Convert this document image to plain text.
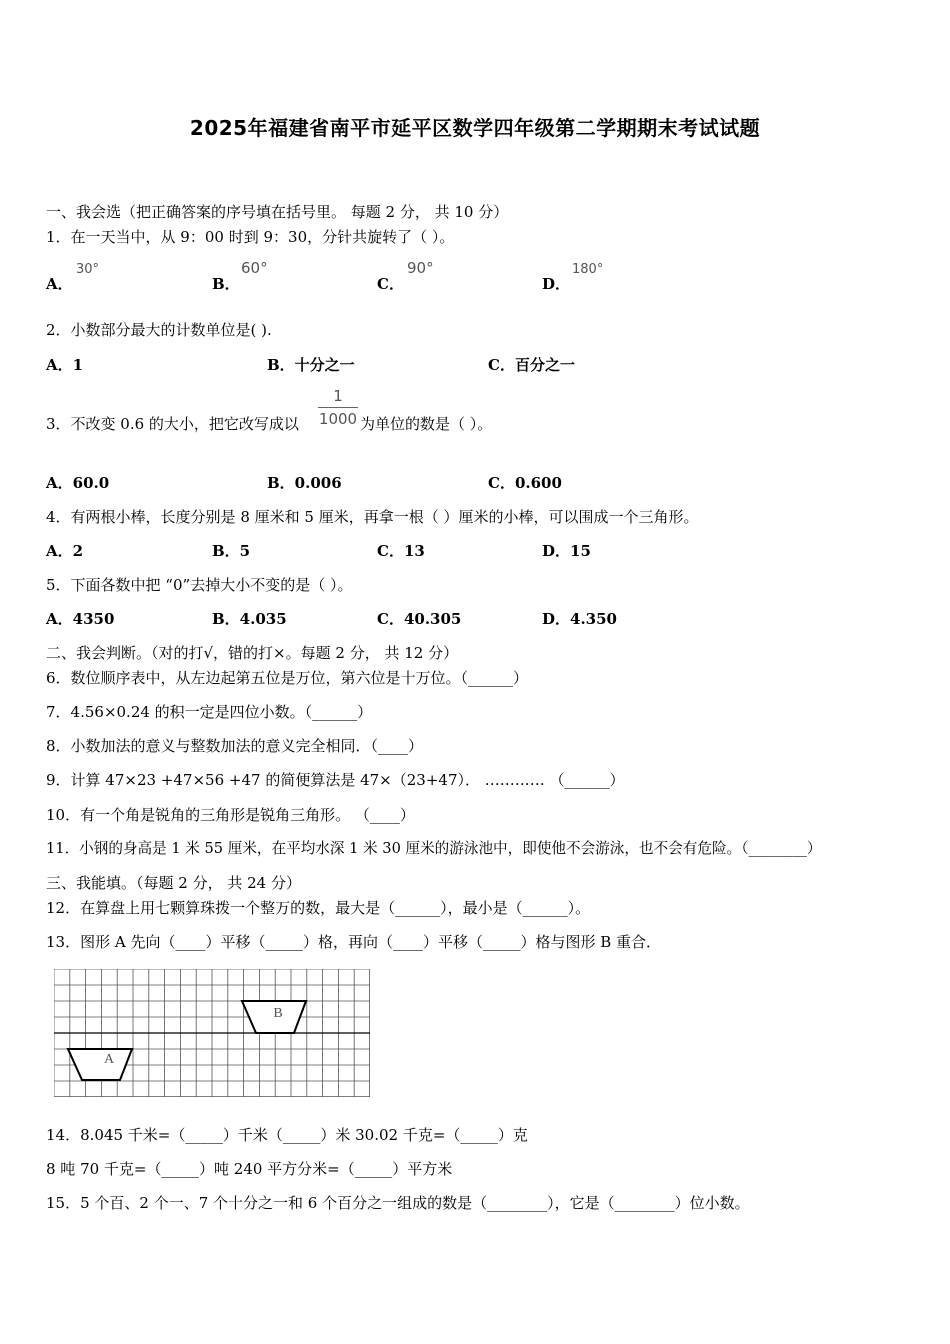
2025年福建省南平市延平区数学四年级第二学期期末考试试题
一、我会选（把正确答案的序号填在括号里。 每题 2 分， 共 10 分）
1．在一天当中，从 9：00 时到 9：30，分针共旋转了（ ）。
A．
30°
B．
60°
C．
90°
D．
180°
2．小数部分最大的计数单位是( ).
A．1	B．十分之一	C．百分之一
3．不改变 0.6 的大小，把它改写成以
1
1000 为单位的数是（ ）。
A．60.0	B．0.006	C．0.600
4．有两根小棒，长度分别是 8 厘米和 5 厘米，再拿一根（ ）厘米的小棒，可以围成一个三角形。
A．2	B．5	C．13	D．15
5．下面各数中把 “0”去掉大小不变的是（ ）。
A．4350	B．4.035	C．40.305	D．4.350
二、我会判断。（对的打√，错的打×。每题 2 分， 共 12 分）
6．数位顺序表中，从左边起第五位是万位，第六位是十万位。（______）
7．4.56×0.24 的积一定是四位小数。（______）
8．小数加法的意义与整数加法的意义完全相同．（____）
9．计算 47×23 +47×56 +47 的简便算法是 47×（23+47）． ………… （______）
10．有一个角是锐角的三角形是锐角三角形。 （____）
11．小钢的身高是 1 米 55 厘米，在平均水深 1 米 30 厘米的游泳池中，即使他不会游泳，也不会有危险。（________）
三、我能填。（每题 2 分， 共 24 分）
12．在算盘上用七颗算珠拨一个整万的数，最大是（______），最小是（______）。
13．图形 A 先向（____）平移（_____）格，再向（____）平移（_____）格与图形 B 重合．
B
A
14．8.045 千米=（_____）千米（_____）米 30.02 千克=（_____）克
8 吨 70 千克=（_____）吨 240 平方分米=（_____）平方米
15．5 个百、2 个一、7 个十分之一和 6 个百分之一组成的数是（________），它是（________）位小数。
